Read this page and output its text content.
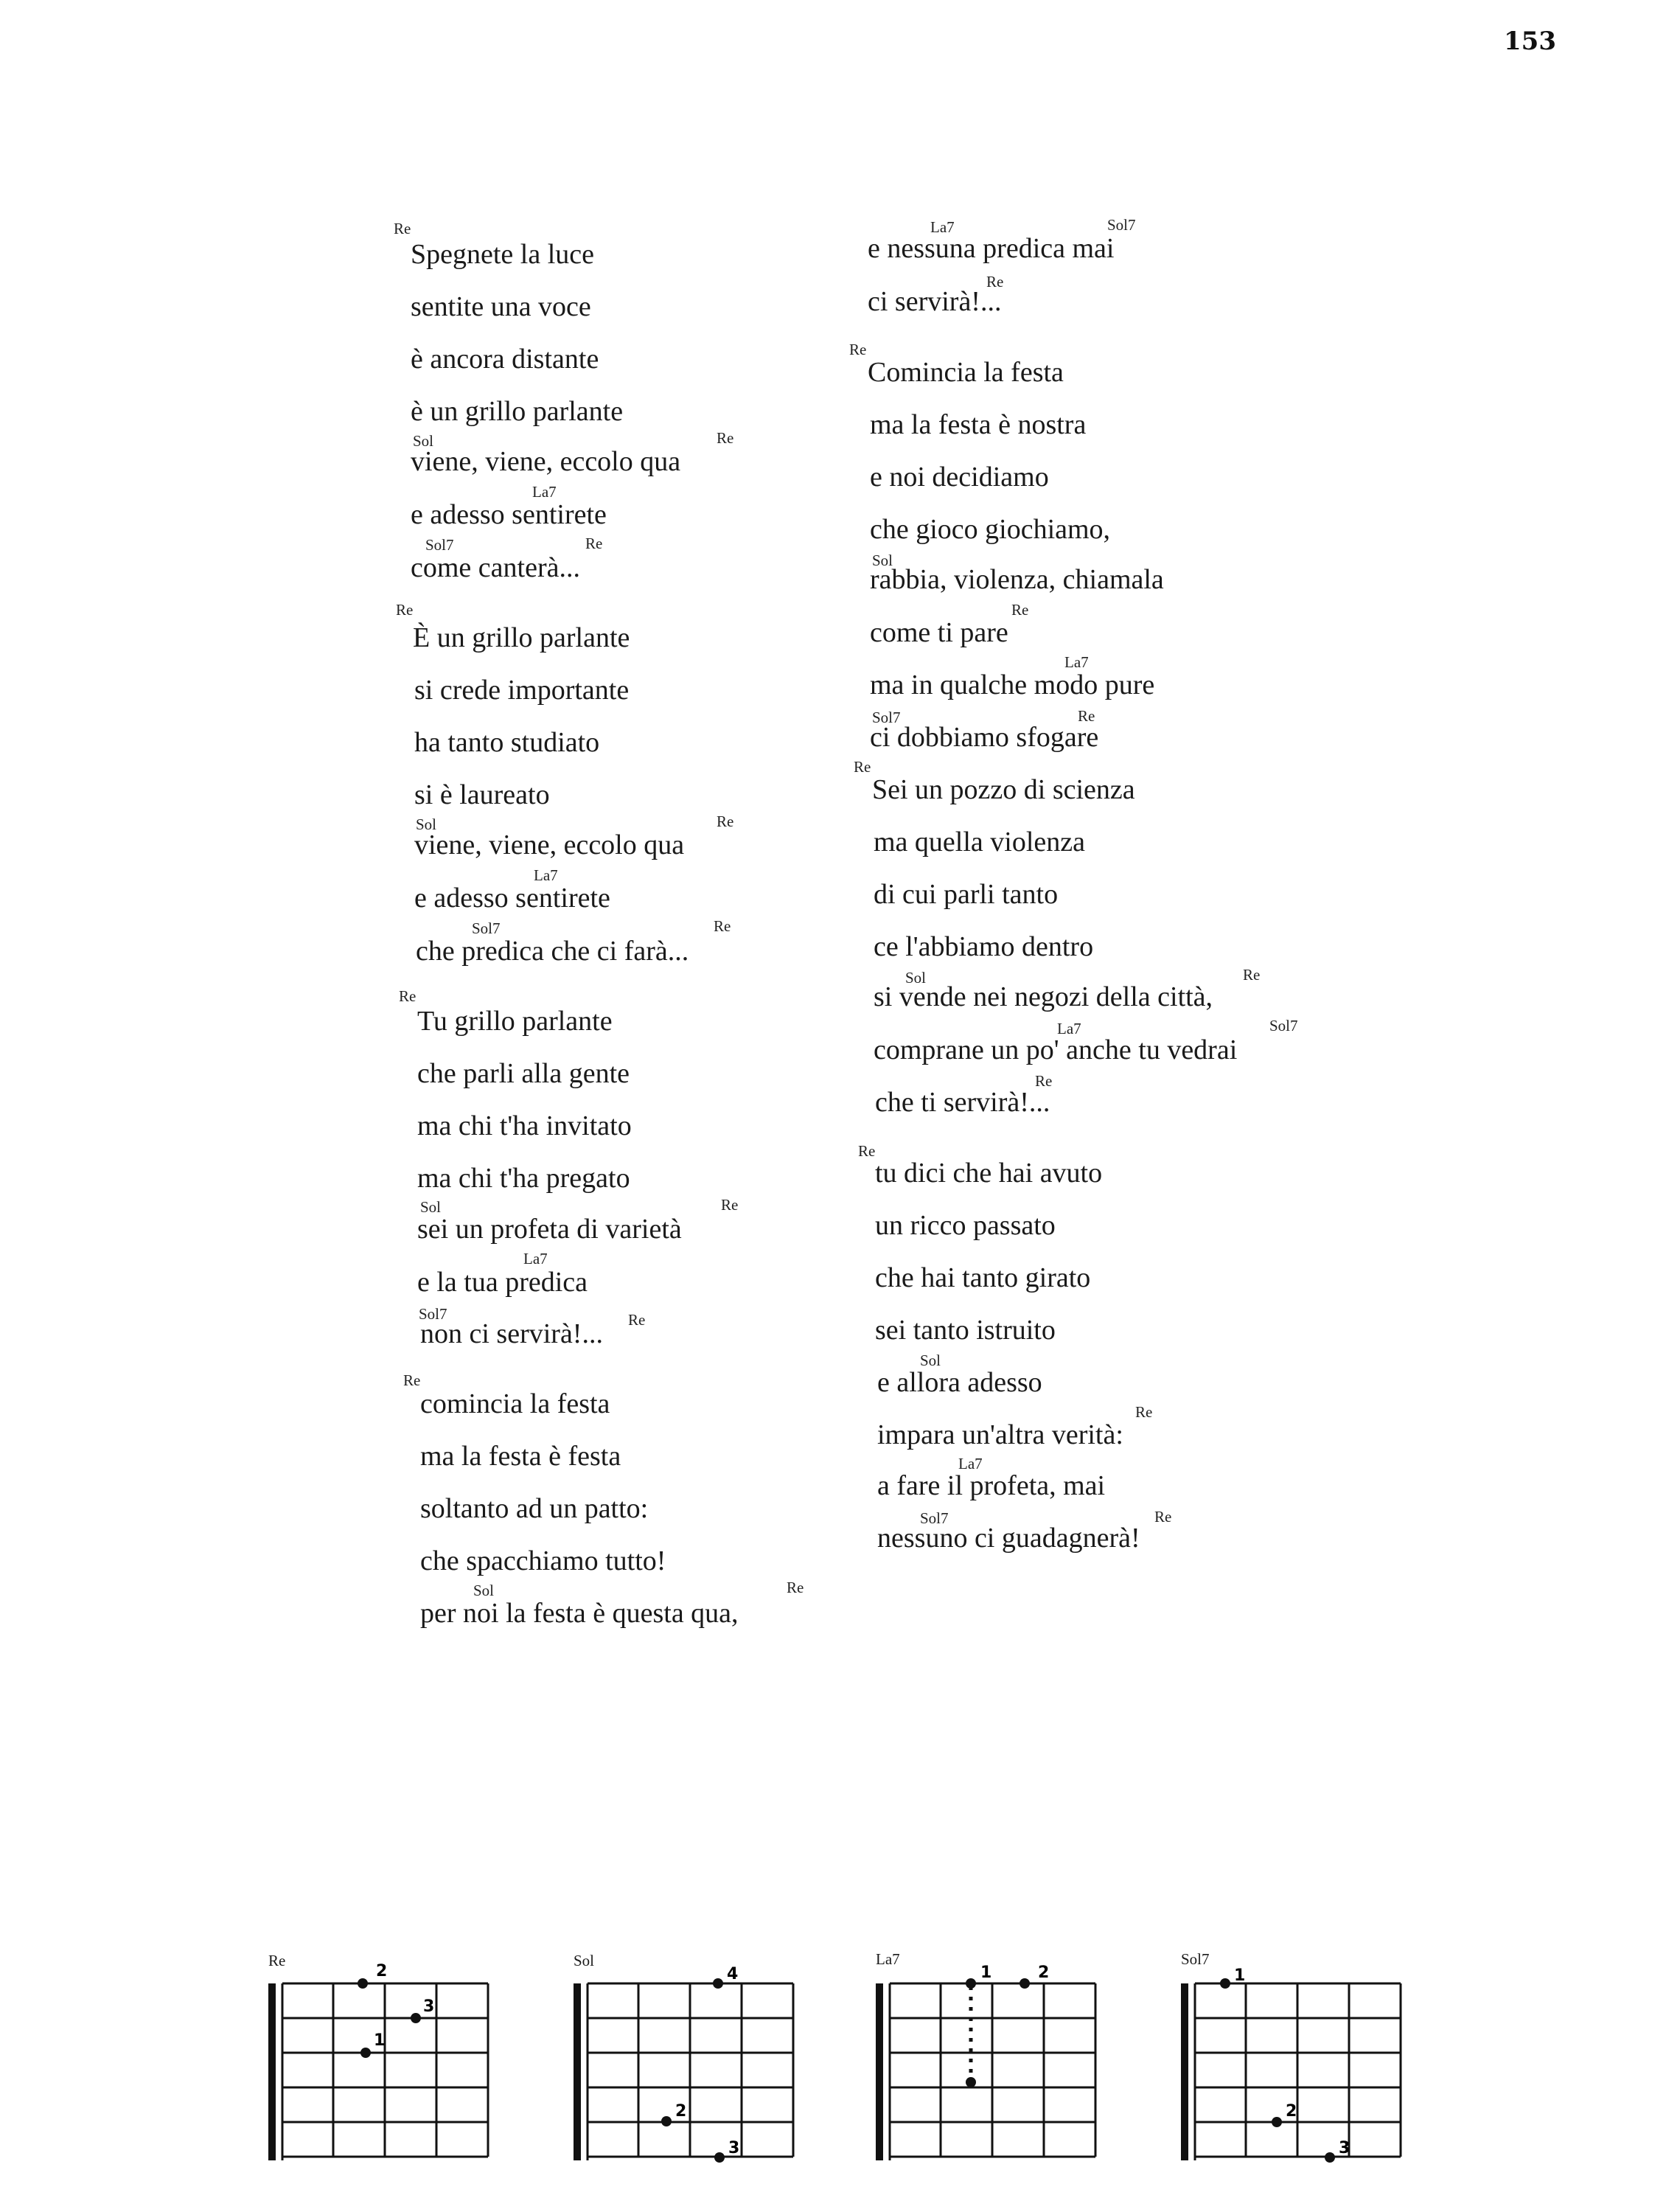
153
Re
Spegnete la luce
sentite una voce
è ancora distante
è un grillo parlante
Sol	Re
viene, viene, eccolo qua
La7
e adesso sentirete
Sol7	Re
come canterà...
Re
È un grillo parlante
si crede importante
ha tanto studiato
si è laureato
Sol	Re
viene, viene, eccolo qua
La7
e adesso sentirete
Sol7	Re
che predica che ci farà...
Re
Tu grillo parlante
che parli alla gente
ma chi t'ha invitato
ma chi t'ha pregato
Sol	Re
sei un profeta di varietà
La7
e la tua predica
Sol7	Re
non ci servirà!...
Re
comincia la festa
ma la festa è festa
soltanto ad un patto:
che spacchiamo tutto!
Sol	Re
per noi la festa è questa qua,
La7	Sol7
e nessuna predica mai
Re
ci servirà!...
Re
Comincia la festa
ma la festa è nostra
e noi decidiamo
che gioco giochiamo,
Sol
rabbia, violenza, chiamala
Re
come ti pare
La7
ma in qualche modo pure
Sol7	Re
ci dobbiamo sfogare
Re
Sei un pozzo di scienza
ma quella violenza
di cui parli tanto
ce l'abbiamo dentro
Sol	Re
si vende nei negozi della città,
La7	Sol7
comprane un po' anche tu vedrai
Re
che ti servirà!...
Re
tu dici che hai avuto
un ricco passato
che hai tanto girato
sei tanto istruito
Sol
e allora adesso
Re
impara un'altra verità:
La7
a fare il profeta, mai
Sol7	Re
nessuno ci guadagnerà!
Re
2
3
1
Sol
4
2
3
La7
1	2
Sol7
1
2
3
